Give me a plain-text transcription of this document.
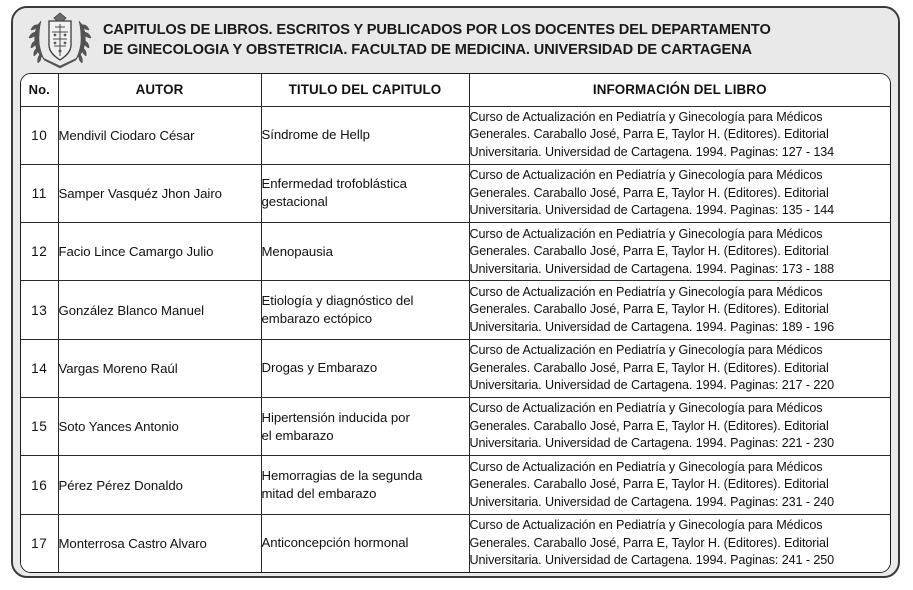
CAPITULOS DE LIBROS. ESCRITOS Y PUBLICADOS POR LOS DOCENTES DEL DEPARTAMENTO
DE GINECOLOGIA Y OBSTETRICIA. FACULTAD DE MEDICINA. UNIVERSIDAD DE CARTAGENA
No.	AUTOR	TITULO DEL CAPITULO	INFORMACIÓN DEL LIBRO
10	Mendivil Ciodaro César	Síndrome de Hellp	Curso de Actualización en Pediatría y Ginecología para Médicos
Generales. Caraballo José, Parra E, Taylor H. (Editores). Editorial
Universitaria. Universidad de Cartagena. 1994. Paginas: 127 - 134

11	Samper Vasquéz Jhon Jairo	Enfermedad trofoblástica
gestacional	Curso de Actualización en Pediatría y Ginecología para Médicos
Generales. Caraballo José, Parra E, Taylor H. (Editores). Editorial
Universitaria. Universidad de Cartagena. 1994. Paginas: 135 - 144

12	Facio Lince Camargo Julio	Menopausia	Curso de Actualización en Pediatría y Ginecología para Médicos
Generales. Caraballo José, Parra E, Taylor H. (Editores). Editorial
Universitaria. Universidad de Cartagena. 1994. Paginas: 173 - 188

13	González Blanco Manuel	Etiología y diagnóstico del
embarazo ectópico	Curso de Actualización en Pediatría y Ginecología para Médicos
Generales. Caraballo José, Parra E, Taylor H. (Editores). Editorial
Universitaria. Universidad de Cartagena. 1994. Paginas: 189 - 196

14	Vargas Moreno Raúl	Drogas y Embarazo	Curso de Actualización en Pediatría y Ginecología para Médicos
Generales. Caraballo José, Parra E, Taylor H. (Editores). Editorial
Universitaria. Universidad de Cartagena. 1994. Paginas: 217 - 220

15	Soto Yances Antonio	Hipertensión inducida por
el embarazo	Curso de Actualización en Pediatría y Ginecología para Médicos
Generales. Caraballo José, Parra E, Taylor H. (Editores). Editorial
Universitaria. Universidad de Cartagena. 1994. Paginas: 221 - 230

16	Pérez Pérez Donaldo	Hemorragias de la segunda
mitad del embarazo	Curso de Actualización en Pediatría y Ginecología para Médicos
Generales. Caraballo José, Parra E, Taylor H. (Editores). Editorial
Universitaria. Universidad de Cartagena. 1994. Paginas: 231 - 240

17	Monterrosa Castro Alvaro	Anticoncepción hormonal	Curso de Actualización en Pediatría y Ginecología para Médicos
Generales. Caraballo José, Parra E, Taylor H. (Editores). Editorial
Universitaria. Universidad de Cartagena. 1994. Paginas: 241 - 250
